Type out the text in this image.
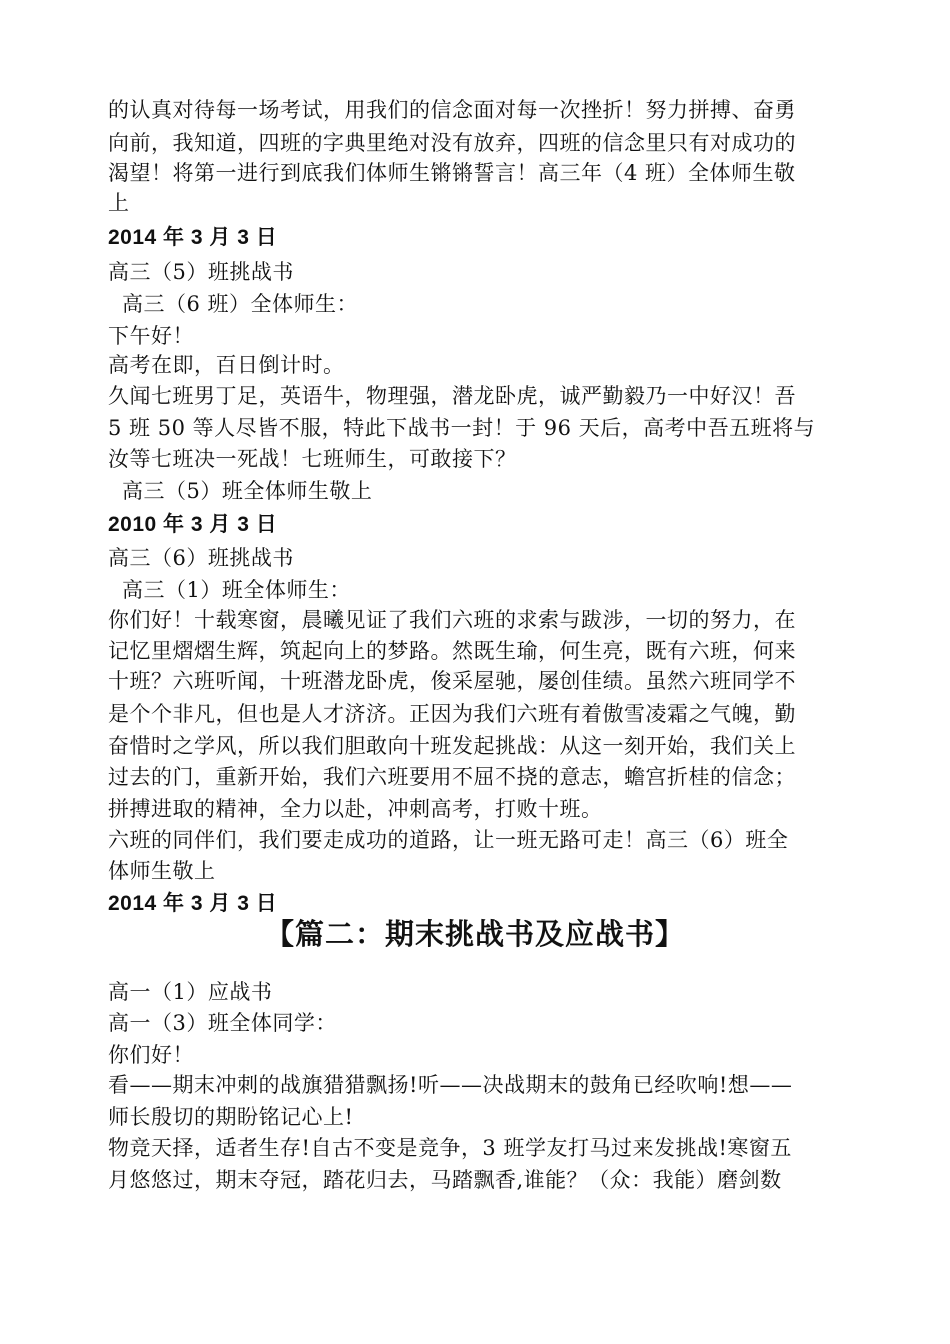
的认真对待每一场考试，用我们的信念面对每一次挫折！努力拼搏、奋勇
向前，我知道，四班的字典里绝对没有放弃，四班的信念里只有对成功的
渴望！将第一进行到底我们体师生锵锵誓言！高三年（4 班）全体师生敬
上
2014 年 3 月 3 日
高三（5）班挑战书
高三（6 班）全体师生：
下午好！
高考在即，百日倒计时。
久闻七班男丁足，英语牛，物理强，潜龙卧虎，诚严勤毅乃一中好汉！吾
5 班 50 等人尽皆不服，特此下战书一封！于 96 天后，高考中吾五班将与
汝等七班决一死战！七班师生，可敢接下？
高三（5）班全体师生敬上
2010 年 3 月 3 日
高三（6）班挑战书
高三（1）班全体师生：
你们好！十载寒窗，晨曦见证了我们六班的求索与跋涉，一切的努力，在
记忆里熠熠生辉，筑起向上的梦路。然既生瑜，何生亮，既有六班，何来
十班？六班听闻，十班潜龙卧虎，俊采屋驰，屡创佳绩。虽然六班同学不
是个个非凡，但也是人才济济。正因为我们六班有着傲雪凌霜之气魄，勤
奋惜时之学风，所以我们胆敢向十班发起挑战：从这一刻开始，我们关上
过去的门，重新开始，我们六班要用不屈不挠的意志，蟾宫折桂的信念；
拼搏进取的精神，全力以赴，冲刺高考，打败十班。
六班的同伴们，我们要走成功的道路，让一班无路可走！高三（6）班全
体师生敬上
2014 年 3 月 3 日
【篇二：期末挑战书及应战书】
高一（1）应战书
高一（3）班全体同学：
你们好！
看——期末冲刺的战旗猎猎飘扬!听——决战期末的鼓角已经吹响!想——
师长殷切的期盼铭记心上!
物竞天择，适者生存!自古不变是竞争，3 班学友打马过来发挑战!寒窗五
月悠悠过，期末夺冠，踏花归去，马踏飘香,谁能？（众：我能）磨剑数
